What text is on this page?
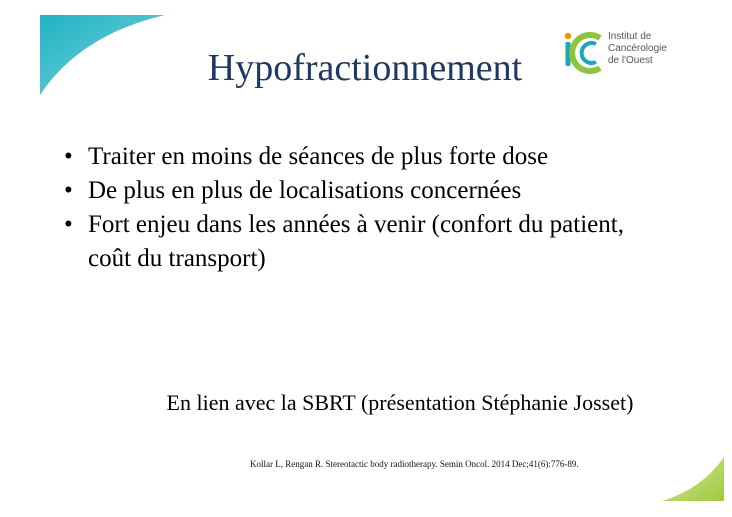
Hypofractionnement
Institut de
Cancérologie
de l'Ouest
• Traiter en moins de séances de plus forte dose
• De plus en plus de localisations concernées
• Fort enjeu dans les années à venir (confort du patient, coût du transport)
En lien avec la SBRT (présentation Stéphanie Josset)
Kollar L, Rengan R. Stereotactic body radiotherapy. Semin Oncol. 2014 Dec;41(6):776-89.
